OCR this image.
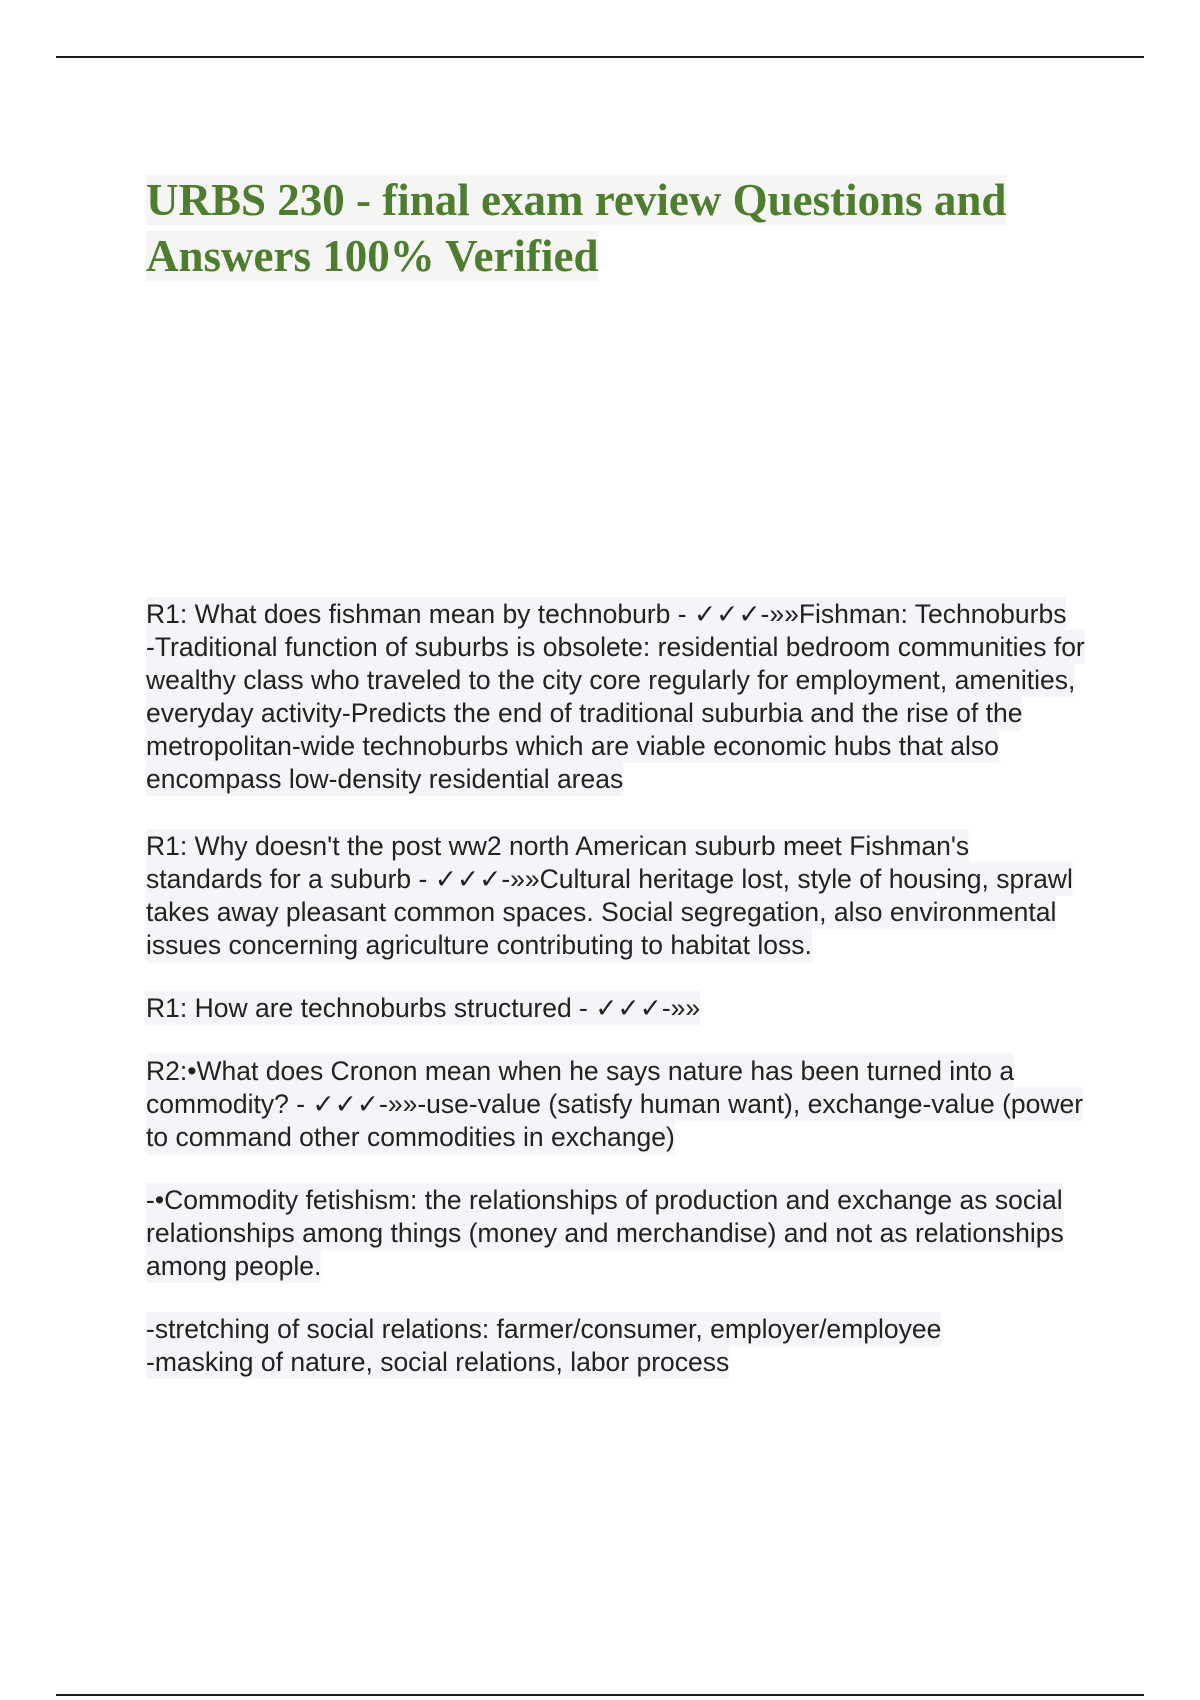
URBS 230 - final exam review Questions and Answers 100% Verified

R1: What does fishman mean by technoburb - ✓✓✓-»»Fishman: Technoburbs
-Traditional function of suburbs is obsolete: residential bedroom communities for wealthy class who traveled to the city core regularly for employment, amenities, everyday activity-Predicts the end of traditional suburbia and the rise of the metropolitan-wide technoburbs which are viable economic hubs that also encompass low-density residential areas

R1: Why doesn't the post ww2 north American suburb meet Fishman's standards for a suburb - ✓✓✓-»»Cultural heritage lost, style of housing, sprawl takes away pleasant common spaces. Social segregation, also environmental issues concerning agriculture contributing to habitat loss.

R1: How are technoburbs structured - ✓✓✓-»»

R2:•What does Cronon mean when he says nature has been turned into a commodity? - ✓✓✓-»»-use-value (satisfy human want), exchange-value (power to command other commodities in exchange)

-•Commodity fetishism: the relationships of production and exchange as social relationships among things (money and merchandise) and not as relationships among people.

-stretching of social relations: farmer/consumer, employer/employee
-masking of nature, social relations, labor process
